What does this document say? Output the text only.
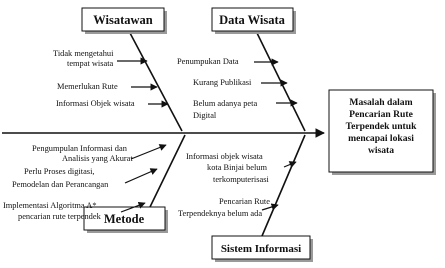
Wisatawan	Data Wisata
Metode
Sistem Informasi
Masalah dalam
Pencarian Rute
Terpendek untuk
mencapai lokasi
wisata
Tidak mengetahui
tempat wisata
Memerlukan Rute
Informasi Objek wisata
Penumpukan Data
Kurang Publikasi
Belum adanya peta
Digital
Pengumpulan Informasi dan
Analisis yang Akurat
Perlu Proses digitasi,
Pemodelan dan Perancangan
Implementasi Algoritma A*
pencarian rute terpendek
Informasi objek wisata
kota Binjai belum
terkomputerisasi
Pencarian Rute
Terpendeknya belum ada
